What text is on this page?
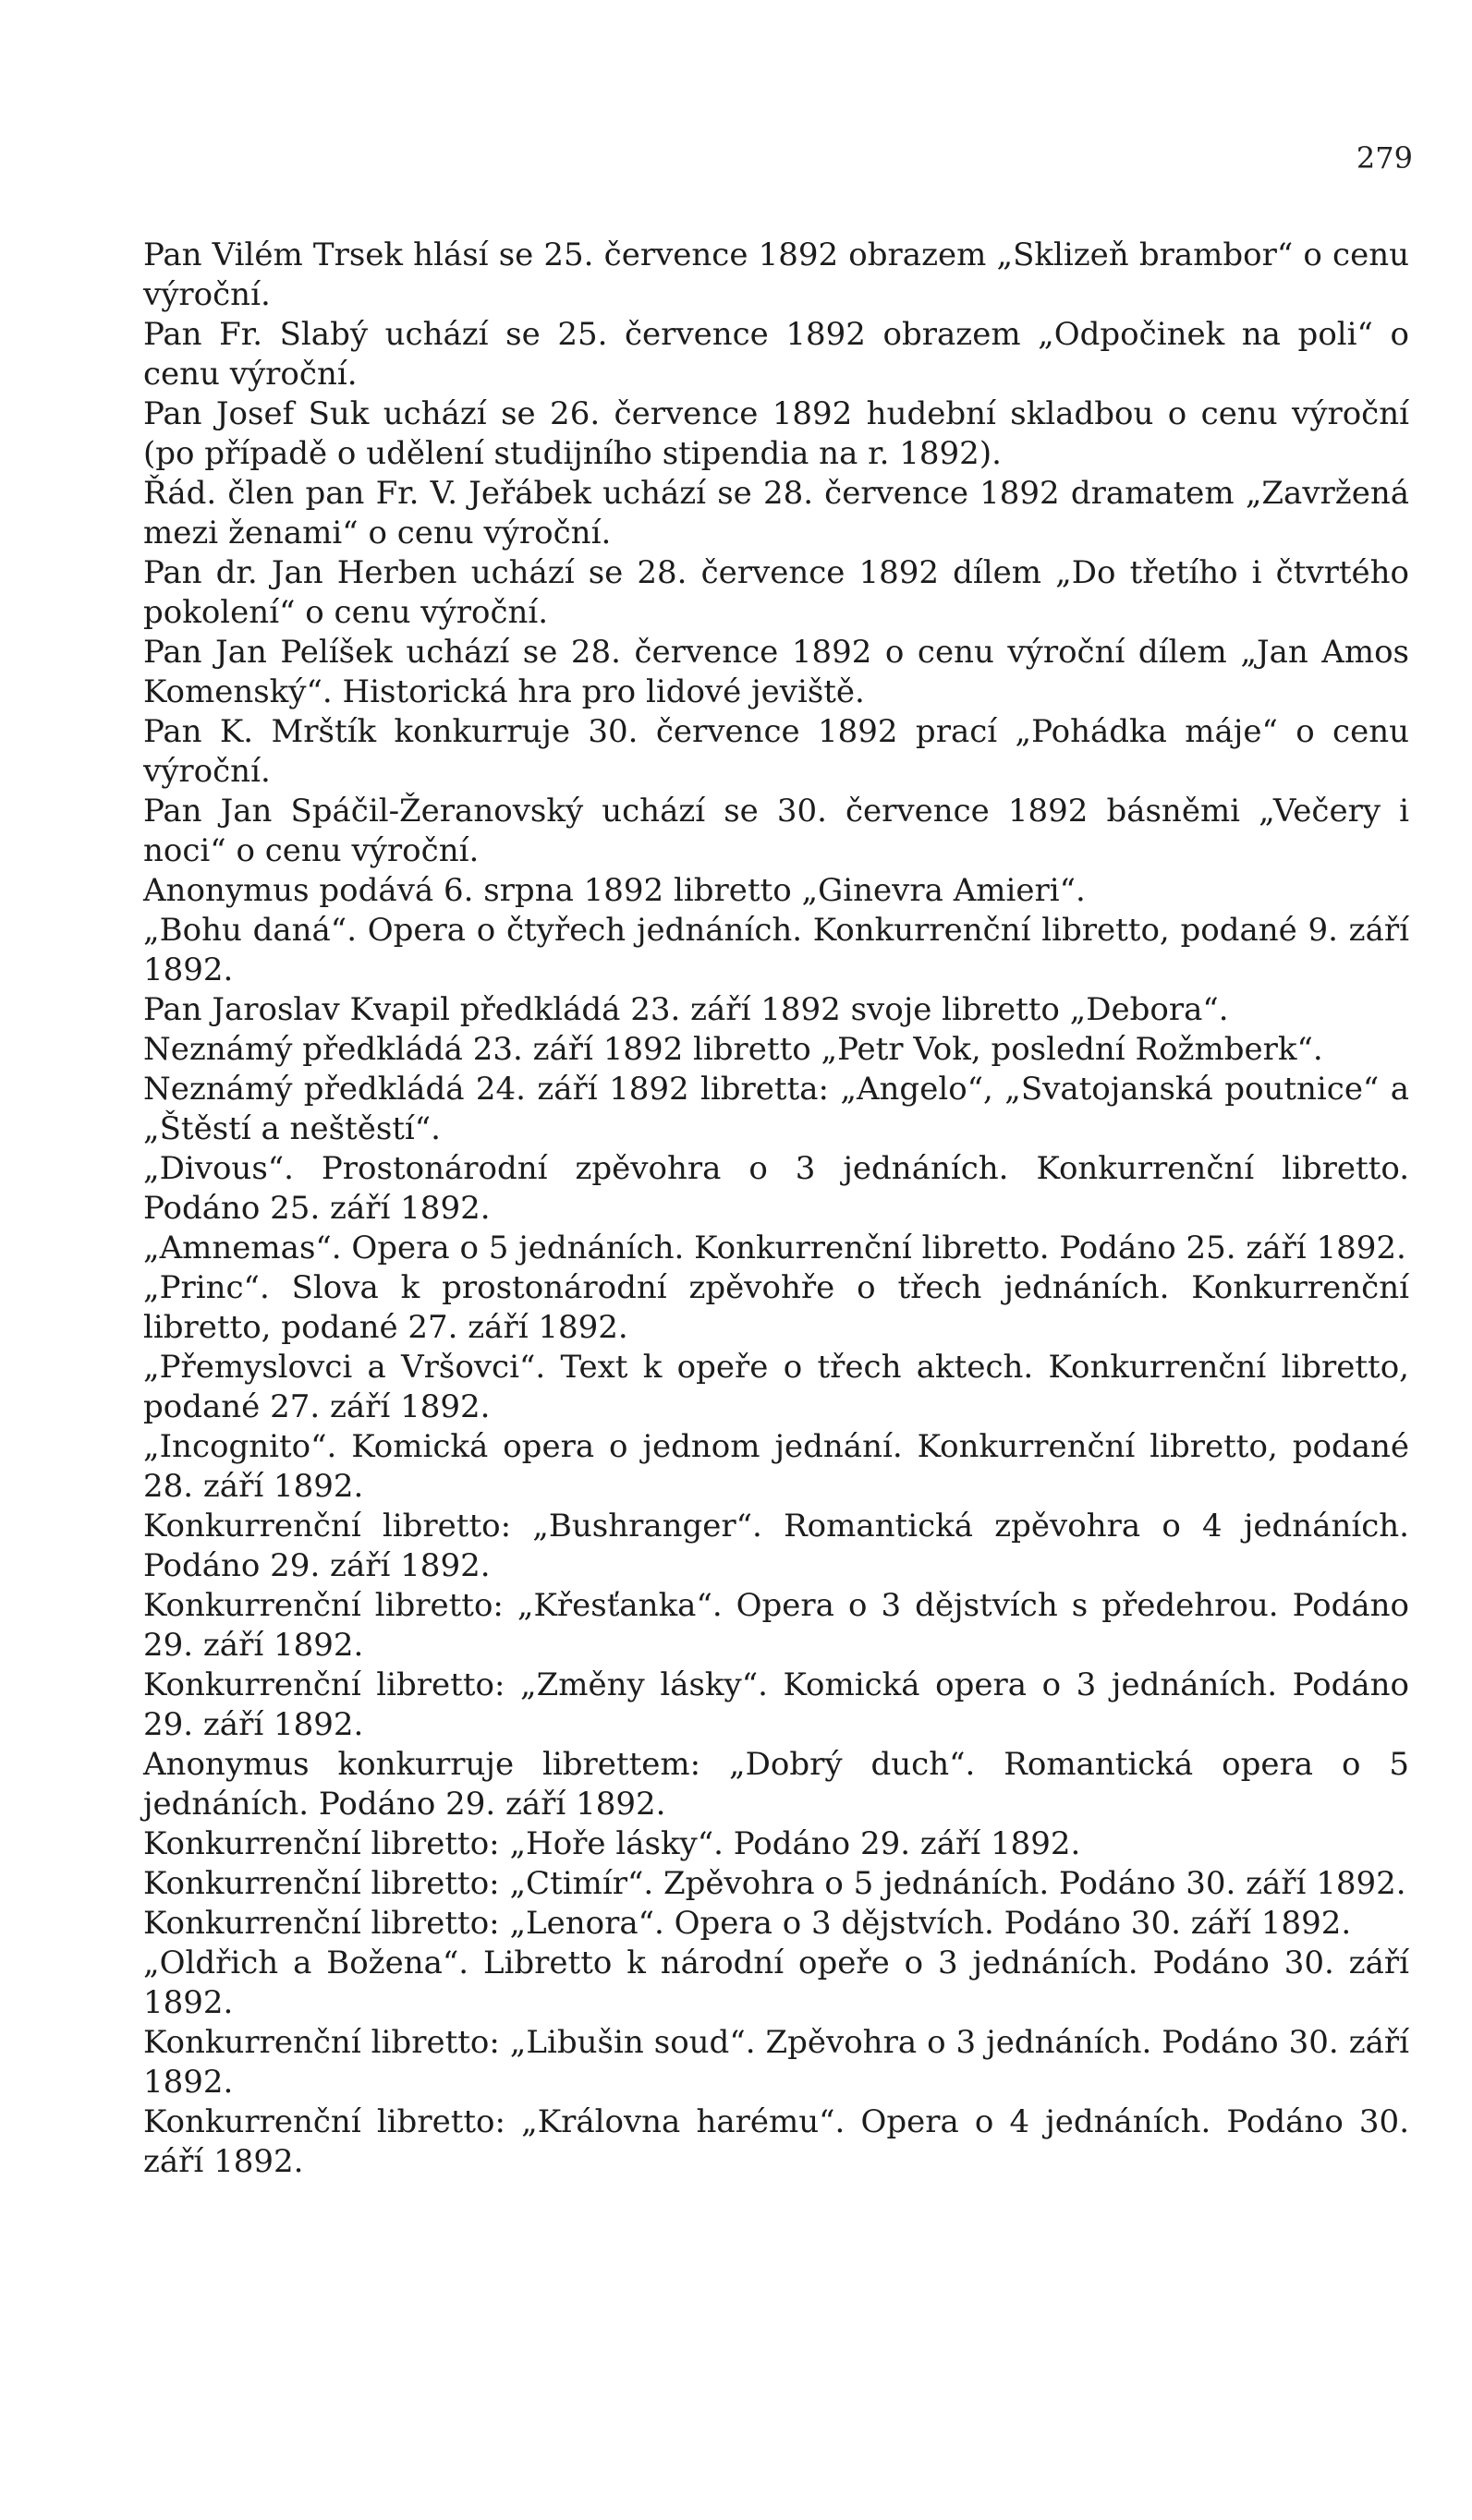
279

Pan Vilém Trsek hlásí se 25. července 1892 obrazem „Sklizeň brambor“ o cenu výroční.

Pan Fr. Slabý uchází se 25. července 1892 obrazem „Odpočinek na poli“ o cenu výroční.

Pan Josef Suk uchází se 26. července 1892 hudební skladbou o cenu výroční (po případě o udělení studijního stipendia na r. 1892).

Řád. člen pan Fr. V. Jeřábek uchází se 28. července 1892 dramatem „Zavržená mezi ženami“ o cenu výroční.

Pan dr. Jan Herben uchází se 28. července 1892 dílem „Do třetího i čtvrtého pokolení“ o cenu výroční.

Pan Jan Pelíšek uchází se 28. července 1892 o cenu výroční dílem „Jan Amos Komenský“. Historická hra pro lidové jeviště.

Pan K. Mrštík konkurruje 30. července 1892 prací „Pohádka máje“ o cenu výroční.

Pan Jan Spáčil-Žeranovský uchází se 30. července 1892 básněmi „Večery i noci“ o cenu výroční.

Anonymus podává 6. srpna 1892 libretto „Ginevra Amieri“.

„Bohu daná“. Opera o čtyřech jednáních. Konkurrenční libretto, podané 9. září 1892.

Pan Jaroslav Kvapil předkládá 23. září 1892 svoje libretto „Debora“.

Neznámý předkládá 23. září 1892 libretto „Petr Vok, poslední Rožmberk“.

Neznámý předkládá 24. září 1892 libretta: „Angelo“, „Svatojanská poutnice“ a „Štěstí a neštěstí“.

„Divous“. Prostonárodní zpěvohra o 3 jednáních. Konkurrenční libretto. Podáno 25. září 1892.

„Amnemas“. Opera o 5 jednáních. Konkurrenční libretto. Podáno 25. září 1892.

„Princ“. Slova k prostonárodní zpěvohře o třech jednáních. Konkurrenční libretto, podané 27. září 1892.

„Přemyslovci a Vršovci“. Text k opeře o třech aktech. Konkurrenční libretto, podané 27. září 1892.

„Incognito“. Komická opera o jednom jednání. Konkurrenční libretto, podané 28. září 1892.

Konkurrenční libretto: „Bushranger“. Romantická zpěvohra o 4 jednáních. Podáno 29. září 1892.

Konkurrenční libretto: „Křesťanka“. Opera o 3 dějstvích s předehrou. Podáno 29. září 1892.

Konkurrenční libretto: „Změny lásky“. Komická opera o 3 jednáních. Podáno 29. září 1892.

Anonymus konkurruje librettem: „Dobrý duch“. Romantická opera o 5 jednáních. Podáno 29. září 1892.

Konkurrenční libretto: „Hoře lásky“. Podáno 29. září 1892.

Konkurrenční libretto: „Ctimír“. Zpěvohra o 5 jednáních. Podáno 30. září 1892.

Konkurrenční libretto: „Lenora“. Opera o 3 dějstvích. Podáno 30. září 1892.

„Oldřich a Božena“. Libretto k národní opeře o 3 jednáních. Podáno 30. září 1892.

Konkurrenční libretto: „Libušin soud“. Zpěvohra o 3 jednáních. Podáno 30. září 1892.

Konkurrenční libretto: „Královna harému“. Opera o 4 jednáních. Podáno 30. září 1892.
